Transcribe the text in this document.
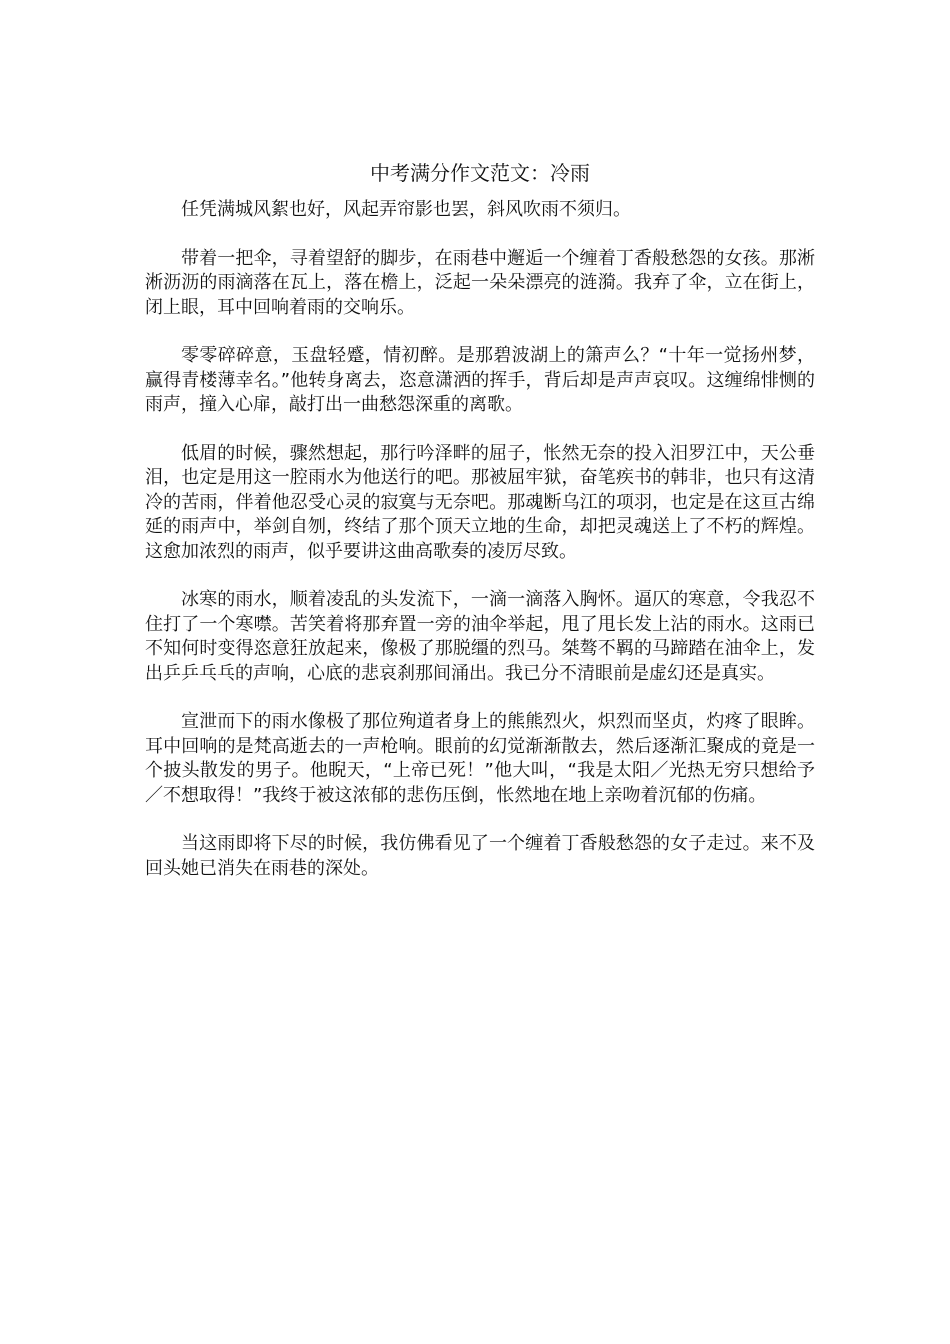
中考满分作文范文：冷雨

任凭满城风絮也好，风起弄帘影也罢，斜风吹雨不须归。

带着一把伞，寻着望舒的脚步，在雨巷中邂逅一个缠着丁香般愁怨的女孩。那淅淅沥沥的雨滴落在瓦上，落在檐上，泛起一朵朵漂亮的涟漪。我弃了伞，立在街上，闭上眼，耳中回响着雨的交响乐。

零零碎碎意，玉盘轻蹙，情初醉。是那碧波湖上的箫声么？“十年一觉扬州梦，赢得青楼薄幸名。”他转身离去，恣意潇洒的挥手，背后却是声声哀叹。这缠绵悱恻的雨声，撞入心扉，敲打出一曲愁怨深重的离歌。

低眉的时候，骤然想起，那行吟泽畔的屈子，怅然无奈的投入汨罗江中，天公垂泪，也定是用这一腔雨水为他送行的吧。那被屈牢狱，奋笔疾书的韩非，也只有这清冷的苦雨，伴着他忍受心灵的寂寞与无奈吧。那魂断乌江的项羽，也定是在这亘古绵延的雨声中，举剑自刎，终结了那个顶天立地的生命，却把灵魂送上了不朽的辉煌。这愈加浓烈的雨声，似乎要讲这曲高歌奏的凌厉尽致。

冰寒的雨水，顺着凌乱的头发流下，一滴一滴落入胸怀。逼仄的寒意，令我忍不住打了一个寒噤。苦笑着将那弃置一旁的油伞举起，甩了甩长发上沾的雨水。这雨已不知何时变得恣意狂放起来，像极了那脱缰的烈马。桀骜不羁的马蹄踏在油伞上，发出乒乒乓乓的声响，心底的悲哀刹那间涌出。我已分不清眼前是虚幻还是真实。

宣泄而下的雨水像极了那位殉道者身上的熊熊烈火，炽烈而坚贞，灼疼了眼眸。耳中回响的是梵高逝去的一声枪响。眼前的幻觉渐渐散去，然后逐渐汇聚成的竟是一个披头散发的男子。他睨天，“上帝已死！”他大叫，“我是太阳／光热无穷只想给予／不想取得！”我终于被这浓郁的悲伤压倒，怅然地在地上亲吻着沉郁的伤痛。

当这雨即将下尽的时候，我仿佛看见了一个缠着丁香般愁怨的女子走过。来不及回头她已消失在雨巷的深处。
